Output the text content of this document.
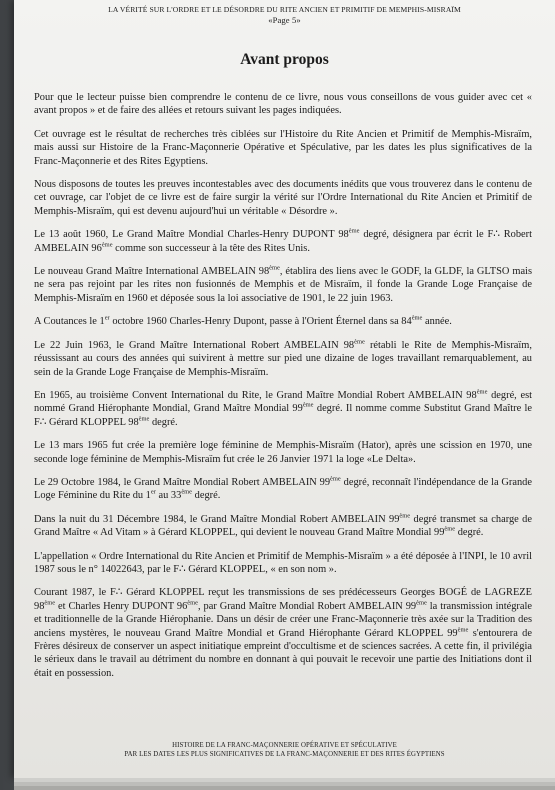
LA VÉRITÉ SUR L'ORDRE ET LE DÉSORDRE DU RITE ANCIEN ET PRIMITIF DE MEMPHIS-MISRAÏM
«Page 5»
Avant propos

Pour que le lecteur puisse bien comprendre le contenu de ce livre, nous vous conseillons de vous guider avec cet « avant propos » et de faire des allées et retours suivant les pages indiquées.

Cet ouvrage est le résultat de recherches très ciblées sur l'Histoire du Rite Ancien et Primitif de Memphis-Misraïm, mais aussi sur Histoire de la Franc-Maçonnerie Opérative et Spéculative, par les dates les plus significatives de la Franc-Maçonnerie et des Rites Egyptiens.

Nous disposons de toutes les preuves incontestables avec des documents inédits que vous trouverez dans le contenu de cet ouvrage, car l'objet de ce livre est de faire surgir la vérité sur l'Ordre International du Rite Ancien et Primitif de Memphis-Misraïm, qui est devenu aujourd'hui un véritable « Désordre ».

Le 13 août 1960, Le Grand Maître Mondial Charles-Henry DUPONT 98ème degré, désignera par écrit le F∴ Robert AMBELAIN 96ème comme son successeur à la tête des Rites Unis.

Le nouveau Grand Maître International AMBELAIN 98ème, établira des liens avec le GODF, la GLDF, la GLTSO mais ne sera pas rejoint par les rites non fusionnés de Memphis et de Misraïm, il fonde la Grande Loge Française de Memphis-Misraïm en 1960 et déposée sous la loi associative de 1901, le 22 juin 1963.

A Coutances le 1er octobre 1960 Charles-Henry Dupont, passe à l'Orient Éternel dans sa 84ème année.

Le 22 Juin 1963, le Grand Maître International Robert AMBELAIN 98ème rétabli le Rite de Memphis-Misraïm, réussissant au cours des années qui suivirent à mettre sur pied une dizaine de loges travaillant remarquablement, au sein de la Grande Loge Française de Memphis-Misraïm.

En 1965, au troisième Convent International du Rite, le Grand Maître Mondial Robert AMBELAIN 98ème degré, est nommé Grand Hiérophante Mondial, Grand Maître Mondial 99ème degré. Il nomme comme Substitut Grand Maître le F∴ Gérard KLOPPEL 98ème degré.

Le 13 mars 1965 fut crée la première loge féminine de Memphis-Misraïm (Hator), après une scission en 1970, une seconde loge féminine de Memphis-Misraïm fut crée le 26 Janvier 1971 la loge «Le Delta».

Le 29 Octobre 1984, le Grand Maître Mondial Robert AMBELAIN 99ème degré, reconnaît l'indépendance de la Grande Loge Féminine du Rite du 1er au 33ème degré.

Dans la nuit du 31 Décembre 1984, le Grand Maître Mondial Robert AMBELAIN 99ème degré transmet sa charge de Grand Maître « Ad Vitam » à Gérard KLOPPEL, qui devient le nouveau Grand Maître Mondial 99ème degré.

L'appellation « Ordre International du Rite Ancien et Primitif de Memphis-Misraïm » a été déposée à l'INPI, le 10 avril 1987 sous le n° 14022643, par le F∴ Gérard KLOPPEL, « en son nom ».

Courant 1987, le F∴ Gérard KLOPPEL reçut les transmissions de ses prédécesseurs Georges BOGÉ de LAGREZE 98ème et Charles Henry DUPONT 96ème, par Grand Maître Mondial Robert AMBELAIN 99ème la transmission intégrale et traditionnelle de la Grande Hiérophanie. Dans un désir de créer une Franc-Maçonnerie très axée sur la Tradition des anciens mystères, le nouveau Grand Maître Mondial et Grand Hiérophante Gérard KLOPPEL 99ème s'entourera de Frères désireux de conserver un aspect initiatique empreint d'occultisme et de sciences sacrées. A cette fin, il privilégia le sérieux dans le travail au détriment du nombre en donnant à qui pouvait le recevoir une partie des Initiations dont il était en possession.

HISTOIRE DE LA FRANC-MAÇONNERIE OPÉRATIVE ET SPÉCULATIVE
PAR LES DATES LES PLUS SIGNIFICATIVES DE LA FRANC-MAÇONNERIE ET DES RITES ÉGYPTIENS
